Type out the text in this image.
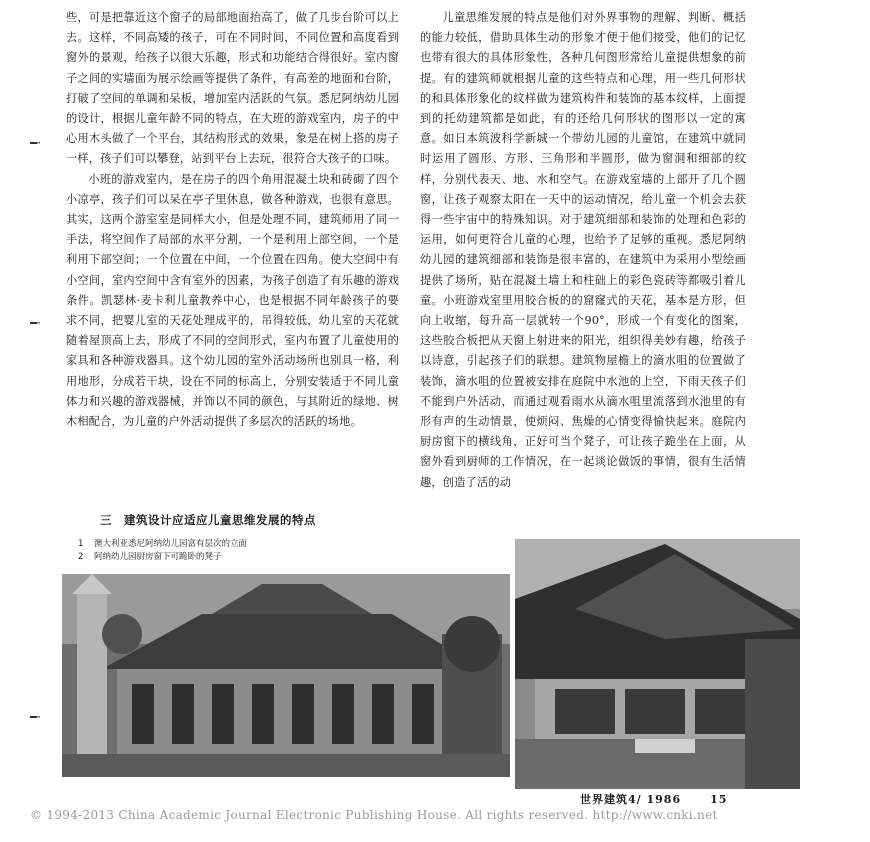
些，可是把靠近这个窗子的局部地面抬高了，做了几步台阶可以上去。这样，不同高矮的孩子，可在不同时间，不同位置和高度看到窗外的景观，给孩子以很大乐趣，形式和功能结合得很好。室内窗子之间的实墙面为展示绘画等提供了条件，有高差的地面和台阶，打破了空间的单调和呆板，增加室内活跃的气氛。悉尼阿纳幼儿园的设计，根据儿童年龄不同的特点，在大班的游戏室内，房子的中心用木头做了一个平台，其结构形式的效果，象是在树上搭的房子一样，孩子们可以攀登，站到平台上去玩，很符合大孩子的口味。

小班的游戏室内，是在房子的四个角用混凝土块和砖砌了四个小凉亭，孩子们可以呆在亭子里休息，做各种游戏，也很有意思。其实，这两个游室室是同样大小，但是处理不同，建筑师用了同一手法，将空间作了局部的水平分割，一个是利用上部空间，一个是利用下部空间；一个位置在中间，一个位置在四角。使大空间中有小空间，室内空间中含有室外的因素，为孩子创造了有乐趣的游戏条件。凯瑟林·麦卡利儿童教养中心，也是根据不同年龄孩子的要求不同，把婴儿室的天花处理成平的，吊得较低，幼儿室的天花就随着屋顶高上去，形成了不同的空间形式，室内布置了儿童使用的家具和各种游戏器具。这个幼儿园的室外活动场所也别具一格，利用地形，分成若干块，设在不同的标高上，分别安装适于不同儿童体力和兴趣的游戏器械，并饰以不同的颜色，与其附近的绿地、树木相配合，为儿童的户外活动提供了多层次的活跃的场地。

三　建筑设计应适应儿童思维发展的特点

儿童思维发展的特点是他们对外界事物的理解、判断、概括的能力较低，借助具体生动的形象才便于他们接受，他们的记忆也带有很大的具体形象性，各种几何图形常给儿童提供想象的前提。有的建筑师就根据儿童的这些特点和心理，用一些几何形状的和具体形象化的纹样做为建筑构件和装饰的基本纹样，上面提到的托幼建筑都是如此，有的还给几何形状的图形以一定的寓意。如日本筑波科学新城一个带幼儿园的儿童馆，在建筑中就同时运用了圆形、方形、三角形和半圆形，做为窗洞和细部的纹样，分别代表天、地、水和空气。在游戏室墙的上部开了几个圆窗，让孩子观察太阳在一天中的运动情况，给儿童一个机会去获得一些宇宙中的特殊知识。对于建筑细部和装饰的处理和色彩的运用，如何更符合儿童的心理，也给予了足够的重视。悉尼阿纳幼儿园的建筑细部和装饰是很丰富的，在建筑中为采用小型绘画提供了场所，贴在混凝土墙上和柱础上的彩色瓷砖等都吸引着儿童。小班游戏室里用胶合板的的窟窿式的天花，基本是方形，但向上收缩，每升高一层就转一个90°，形成一个有变化的图案，这些胶合板把从天窗上射进来的阳光，组织得美妙有趣，给孩子以诗意，引起孩子们的联想。建筑物屋檐上的滴水咀的位置做了装饰，滴水咀的位置被安排在庭院中水池的上空，下雨天孩子们不能到户外活动，而通过观看雨水从滴水咀里流落到水池里的有形有声的生动情景，使烦闷、焦燥的心情变得愉快起来。庭院内厨房窗下的横线角，正好可当个凳子，可让孩子跪坐在上面，从窗外看到厨师的工作情况，在一起谈论做饭的事情，很有生活情趣，创造了活的动

1 澳大利亚悉尼阿纳幼儿园富有层次的立面
2 阿纳幼儿园厨房窗下可跪卧的凳子
世界建筑4/ 1986	15
© 1994-2013 China Academic Journal Electronic Publishing House. All rights reserved. http://www.cnki.net
━·
━·
━·
